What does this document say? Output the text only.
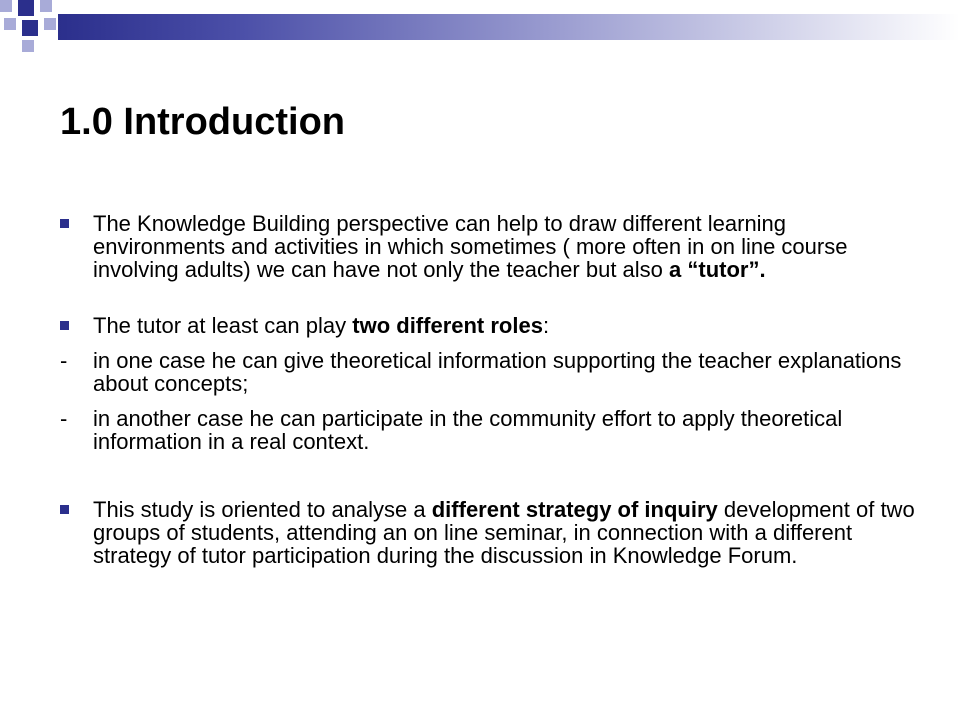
1.0 Introduction
The Knowledge Building perspective can help to draw different learning environments and activities in which sometimes ( more often in on line course involving adults) we can have not only the teacher but also a “tutor”.
The tutor at least can play two different roles:
-	in one case he can give theoretical information supporting the teacher explanations about concepts;
-	in another case he can participate in the community effort to apply theoretical information in a real context.
This study is oriented to analyse a different strategy of inquiry development of two groups of students, attending an on line seminar, in connection with a different strategy of tutor participation during the discussion in Knowledge Forum.
